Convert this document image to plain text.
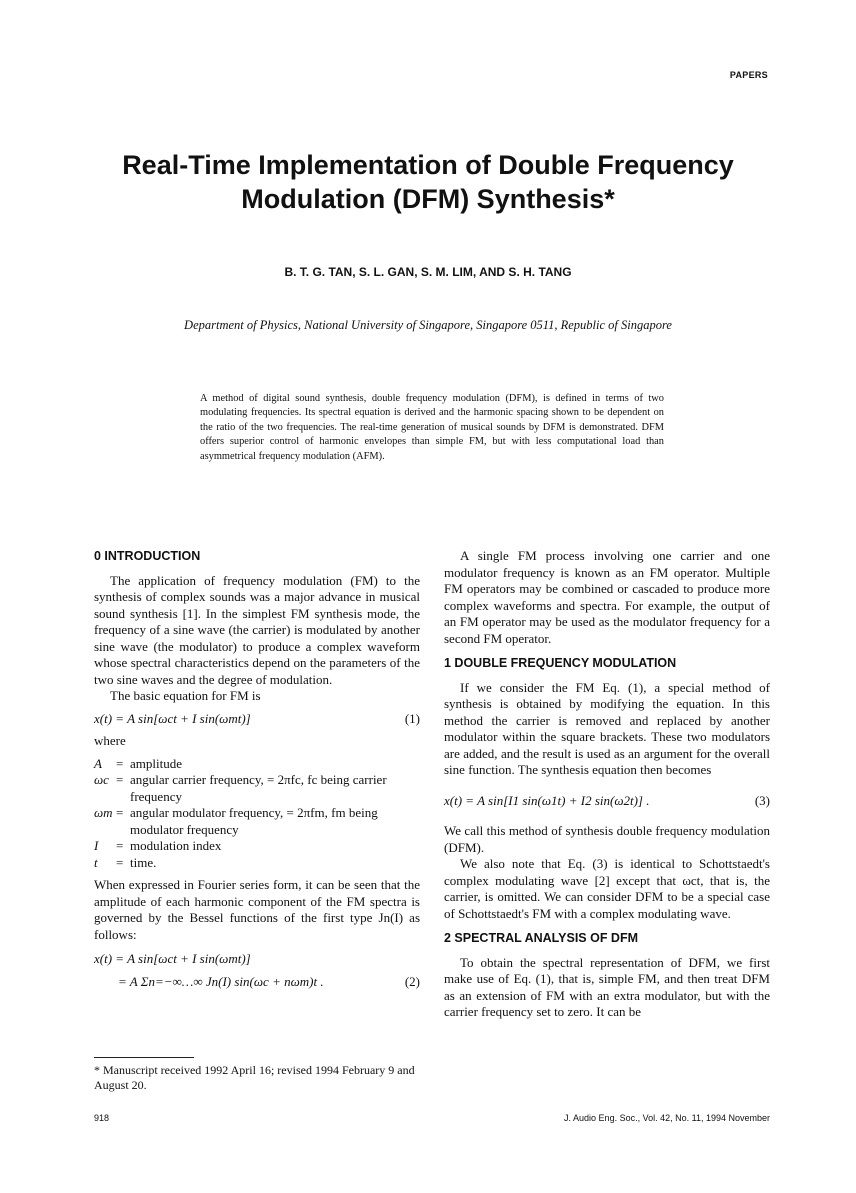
PAPERS
Real-Time Implementation of Double Frequency
Modulation (DFM) Synthesis*
B. T. G. TAN, S. L. GAN, S. M. LIM, AND S. H. TANG
Department of Physics, National University of Singapore, Singapore 0511, Republic of Singapore
A method of digital sound synthesis, double frequency modulation (DFM), is defined in terms of two modulating frequencies. Its spectral equation is derived and the harmonic spacing shown to be dependent on the ratio of the two frequencies. The real-time generation of musical sounds by DFM is demonstrated. DFM offers superior control of harmonic envelopes than simple FM, but with less computational load than asymmetrical frequency modulation (AFM).
0 INTRODUCTION

The application of frequency modulation (FM) to the synthesis of complex sounds was a major advance in musical sound synthesis [1]. In the simplest FM synthesis mode, the frequency of a sine wave (the carrier) is modulated by another sine wave (the modulator) to produce a complex waveform whose spectral characteristics depend on the parameters of the two sine waves and the degree of modulation.

The basic equation for FM is

x(t) = A sin[ωct + I sin(ωmt)]	(1)

where

A	= amplitude
ωc = angular carrier frequency, = 2πfc, fc being carrier frequency
ωm = angular modulator frequency, = 2πfm, fm being modulator frequency
I	= modulation index
t	= time.

When expressed in Fourier series form, it can be seen that the amplitude of each harmonic component of the FM spectra is governed by the Bessel functions of the first type Jn(I) as follows:

x(t) = A sin[ωct + I sin(ωmt)]
= A Σn=−∞…∞ Jn(I) sin(ωc + nωm)t .	(2)

A single FM process involving one carrier and one modulator frequency is known as an FM operator. Multiple FM operators may be combined or cascaded to produce more complex waveforms and spectra. For example, the output of an FM operator may be used as the modulator frequency for a second FM operator.

1 DOUBLE FREQUENCY MODULATION

If we consider the FM Eq. (1), a special method of synthesis is obtained by modifying the equation. In this method the carrier is removed and replaced by another modulator within the square brackets. These two modulators are added, and the result is used as an argument for the overall sine function. The synthesis equation then becomes

x(t) = A sin[I1 sin(ω1t) + I2 sin(ω2t)] .	(3)

We call this method of synthesis double frequency modulation (DFM).

We also note that Eq. (3) is identical to Schottstaedt's complex modulating wave [2] except that ωct, that is, the carrier, is omitted. We can consider DFM to be a special case of Schottstaedt's FM with a complex modulating wave.

2 SPECTRAL ANALYSIS OF DFM

To obtain the spectral representation of DFM, we first make use of Eq. (1), that is, simple FM, and then treat DFM as an extension of FM with an extra modulator, but with the carrier frequency set to zero. It can be

* Manuscript received 1992 April 16; revised 1994 February 9 and August 20.
918	J. Audio Eng. Soc., Vol. 42, No. 11, 1994 November
